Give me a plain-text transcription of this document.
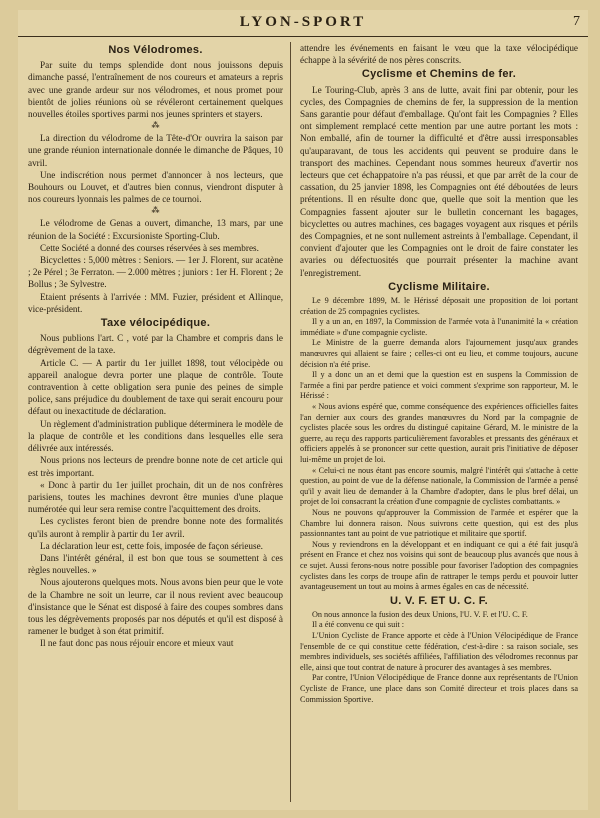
LYON-SPORT	7
Nos Vélodromes.

Par suite du temps splendide dont nous jouissons depuis dimanche passé, l'entraînement de nos coureurs et amateurs a repris avec une grande ardeur sur nos vélodromes, et nous promet pour bientôt de jolies réunions où se révéleront certainement quelques nouvelles étoiles sportives parmi nos jeunes sprinters et stayers.

⁂

La direction du vélodrome de la Tête-d'Or ouvrira la saison par une grande réunion internationale donnée le dimanche de Pâques, 10 avril.

Une indiscrétion nous permet d'annoncer à nos lecteurs, que Bouhours ou Louvet, et d'autres bien connus, viendront disputer à nos coureurs lyonnais les palmes de ce tournoi.

⁂

Le vélodrome de Genas a ouvert, dimanche, 13 mars, par une réunion de la Société : Excursioniste Sporting-Club.

Cette Société a donné des courses réservées à ses membres.

Bicyclettes : 5,000 mètres : Seniors. — 1er J. Florent, sur acatène ; 2e Pérel ; 3e Ferraton. — 2.000 mètres ; juniors : 1er H. Florent ; 2e Bollus ; 3e Sylvestre.

Etaient présents à l'arrivée : MM. Fuzier, président et Allinque, vice-président.

Taxe vélocipédique.

Nous publions l'art. C , voté par la Chambre et compris dans le dégrèvement de la taxe.

Article C. — A partir du 1er juillet 1898, tout vélocipède ou appareil analogue devra porter une plaque de contrôle. Toute contravention à cette obligation sera punie des peines de simple police, sans préjudice du doublement de taxe qui serait encouru pour défaut ou inexactitude de déclaration.

Un règlement d'administration publique déterminera le modèle de la plaque de contrôle et les conditions dans lesquelles elle sera délivrée aux intéressés.

Nous prions nos lecteurs de prendre bonne note de cet article qui est très important.

« Donc à partir du 1er juillet prochain, dit un de nos confrères parisiens, toutes les machines devront être munies d'une plaque numérotée qui leur sera remise contre l'acquittement des droits.

Les cyclistes feront bien de prendre bonne note des formalités qu'ils auront à remplir à partir du 1er avril.

La déclaration leur est, cette fois, imposée de façon sérieuse.

Dans l'intérêt général, il est bon que tous se soumettent à ces règles nouvelles. »

Nous ajouterons quelques mots. Nous avons bien peur que le vote de la Chambre ne soit un leurre, car il nous revient avec beaucoup d'insistance que le Sénat est disposé à faire des coupes sombres dans tous les dégrèvements proposés par nos députés et qu'il est disposé à ramener le budget à son état primitif.

Il ne faut donc pas nous réjouir encore et mieux vaut

attendre les événements en faisant le vœu que la taxe vélocipédique échappe à la sévérité de nos pères conscrits.

Cyclisme et Chemins de fer.

Le Touring-Club, après 3 ans de lutte, avait fini par obtenir, pour les cycles, des Compagnies de chemins de fer, la suppression de la mention Sans garantie pour défaut d'emballage. Qu'ont fait les Compagnies ? Elles ont simplement remplacé cette mention par une autre portant les mots : Non emballé, afin de tourner la difficulté et d'être aussi irresponsables qu'auparavant, de tous les accidents qui peuvent se produire dans le transport des machines. Cependant nous sommes heureux d'avertir nos lecteurs que cet échappatoire n'a pas réussi, et que par arrêt de la cour de cassation, du 25 janvier 1898, les Compagnies ont été déboutées de leurs prétentions. Il en résulte donc que, quelle que soit la mention que les Compagnies fassent ajouter sur le bulletin concernant les bagages, bicyclettes ou autres machines, ces bagages voyagent aux risques et périls des Compagnies, et ne sont nullement astreints à l'emballage. Cependant, il convient d'ajouter que les Compagnies ont le droit de faire constater les avaries ou défectuosités que pourrait présenter la machine avant l'enregistrement.

Cyclisme Militaire.

Le 9 décembre 1899, M. le Hérissé déposait une proposition de loi portant création de 25 compagnies cyclistes.

Il y a un an, en 1897, la Commission de l'armée vota à l'unanimité la « création immédiate » d'une compagnie cycliste.

Le Ministre de la guerre demanda alors l'ajournement jusqu'aux grandes manœuvres qui allaient se faire ; celles-ci ont eu lieu, et comme toujours, aucune décision n'a été prise.

Il y a donc un an et demi que la question est en suspens la Commission de l'armée a fini par perdre patience et voici comment s'exprime son rapporteur, M. le Hérissé :

« Nous avions espéré que, comme conséquence des expériences officielles faites l'an dernier aux cours des grandes manœuvres du Nord par la compagnie de cyclistes placée sous les ordres du distingué capitaine Gérard, M. le ministre de la guerre, au reçu des rapports particulièrement favorables et pressants des généraux et officiers appelés à se prononcer sur cette question, aurait pris l'initiative de déposer lui-même un projet de loi.

« Celui-ci ne nous étant pas encore soumis, malgré l'intérêt qui s'attache à cette question, au point de vue de la défense nationale, la Commission de l'armée a pensé qu'il y avait lieu de demander à la Chambre d'adopter, dans le plus bref délai, un projet de loi consacrant la création d'une compagnie de cyclistes combattants. »

Nous ne pouvons qu'approuver la Commission de l'armée et espérer que la Chambre lui donnera raison. Nous suivrons cette question, qui est des plus passionnantes tant au point de vue patriotique et militaire que sportif.

Nous y reviendrons en la développant et en indiquant ce qui a été fait jusqu'à présent en France et chez nos voisins qui sont de beaucoup plus avancés que nous à ce sujet. Aussi ferons-nous notre possible pour favoriser l'adoption des compagnies cyclistes dans les corps de troupe afin de rattraper le temps perdu et pouvoir lutter avantageusement un tout au moins à armes égales en cas de nécessité.

U. V. F. ET U. C. F.

On nous annonce la fusion des deux Unions, l'U. V. F. et l'U. C. F.

Il a été convenu ce qui suit :

L'Union Cycliste de France apporte et cède à l'Union Vélocipédique de France l'ensemble de ce qui constitue cette fédération, c'est-à-dire : sa raison sociale, ses membres individuels, ses sociétés affiliées, l'affiliation des vélodromes reconnus par elle, ainsi que tout contrat de nature à procurer des avantages à ses membres.

Par contre, l'Union Vélocipédique de France donne aux représentants de l'Union Cycliste de France, une place dans son Comité directeur et trois places dans sa Commission Sportive.
